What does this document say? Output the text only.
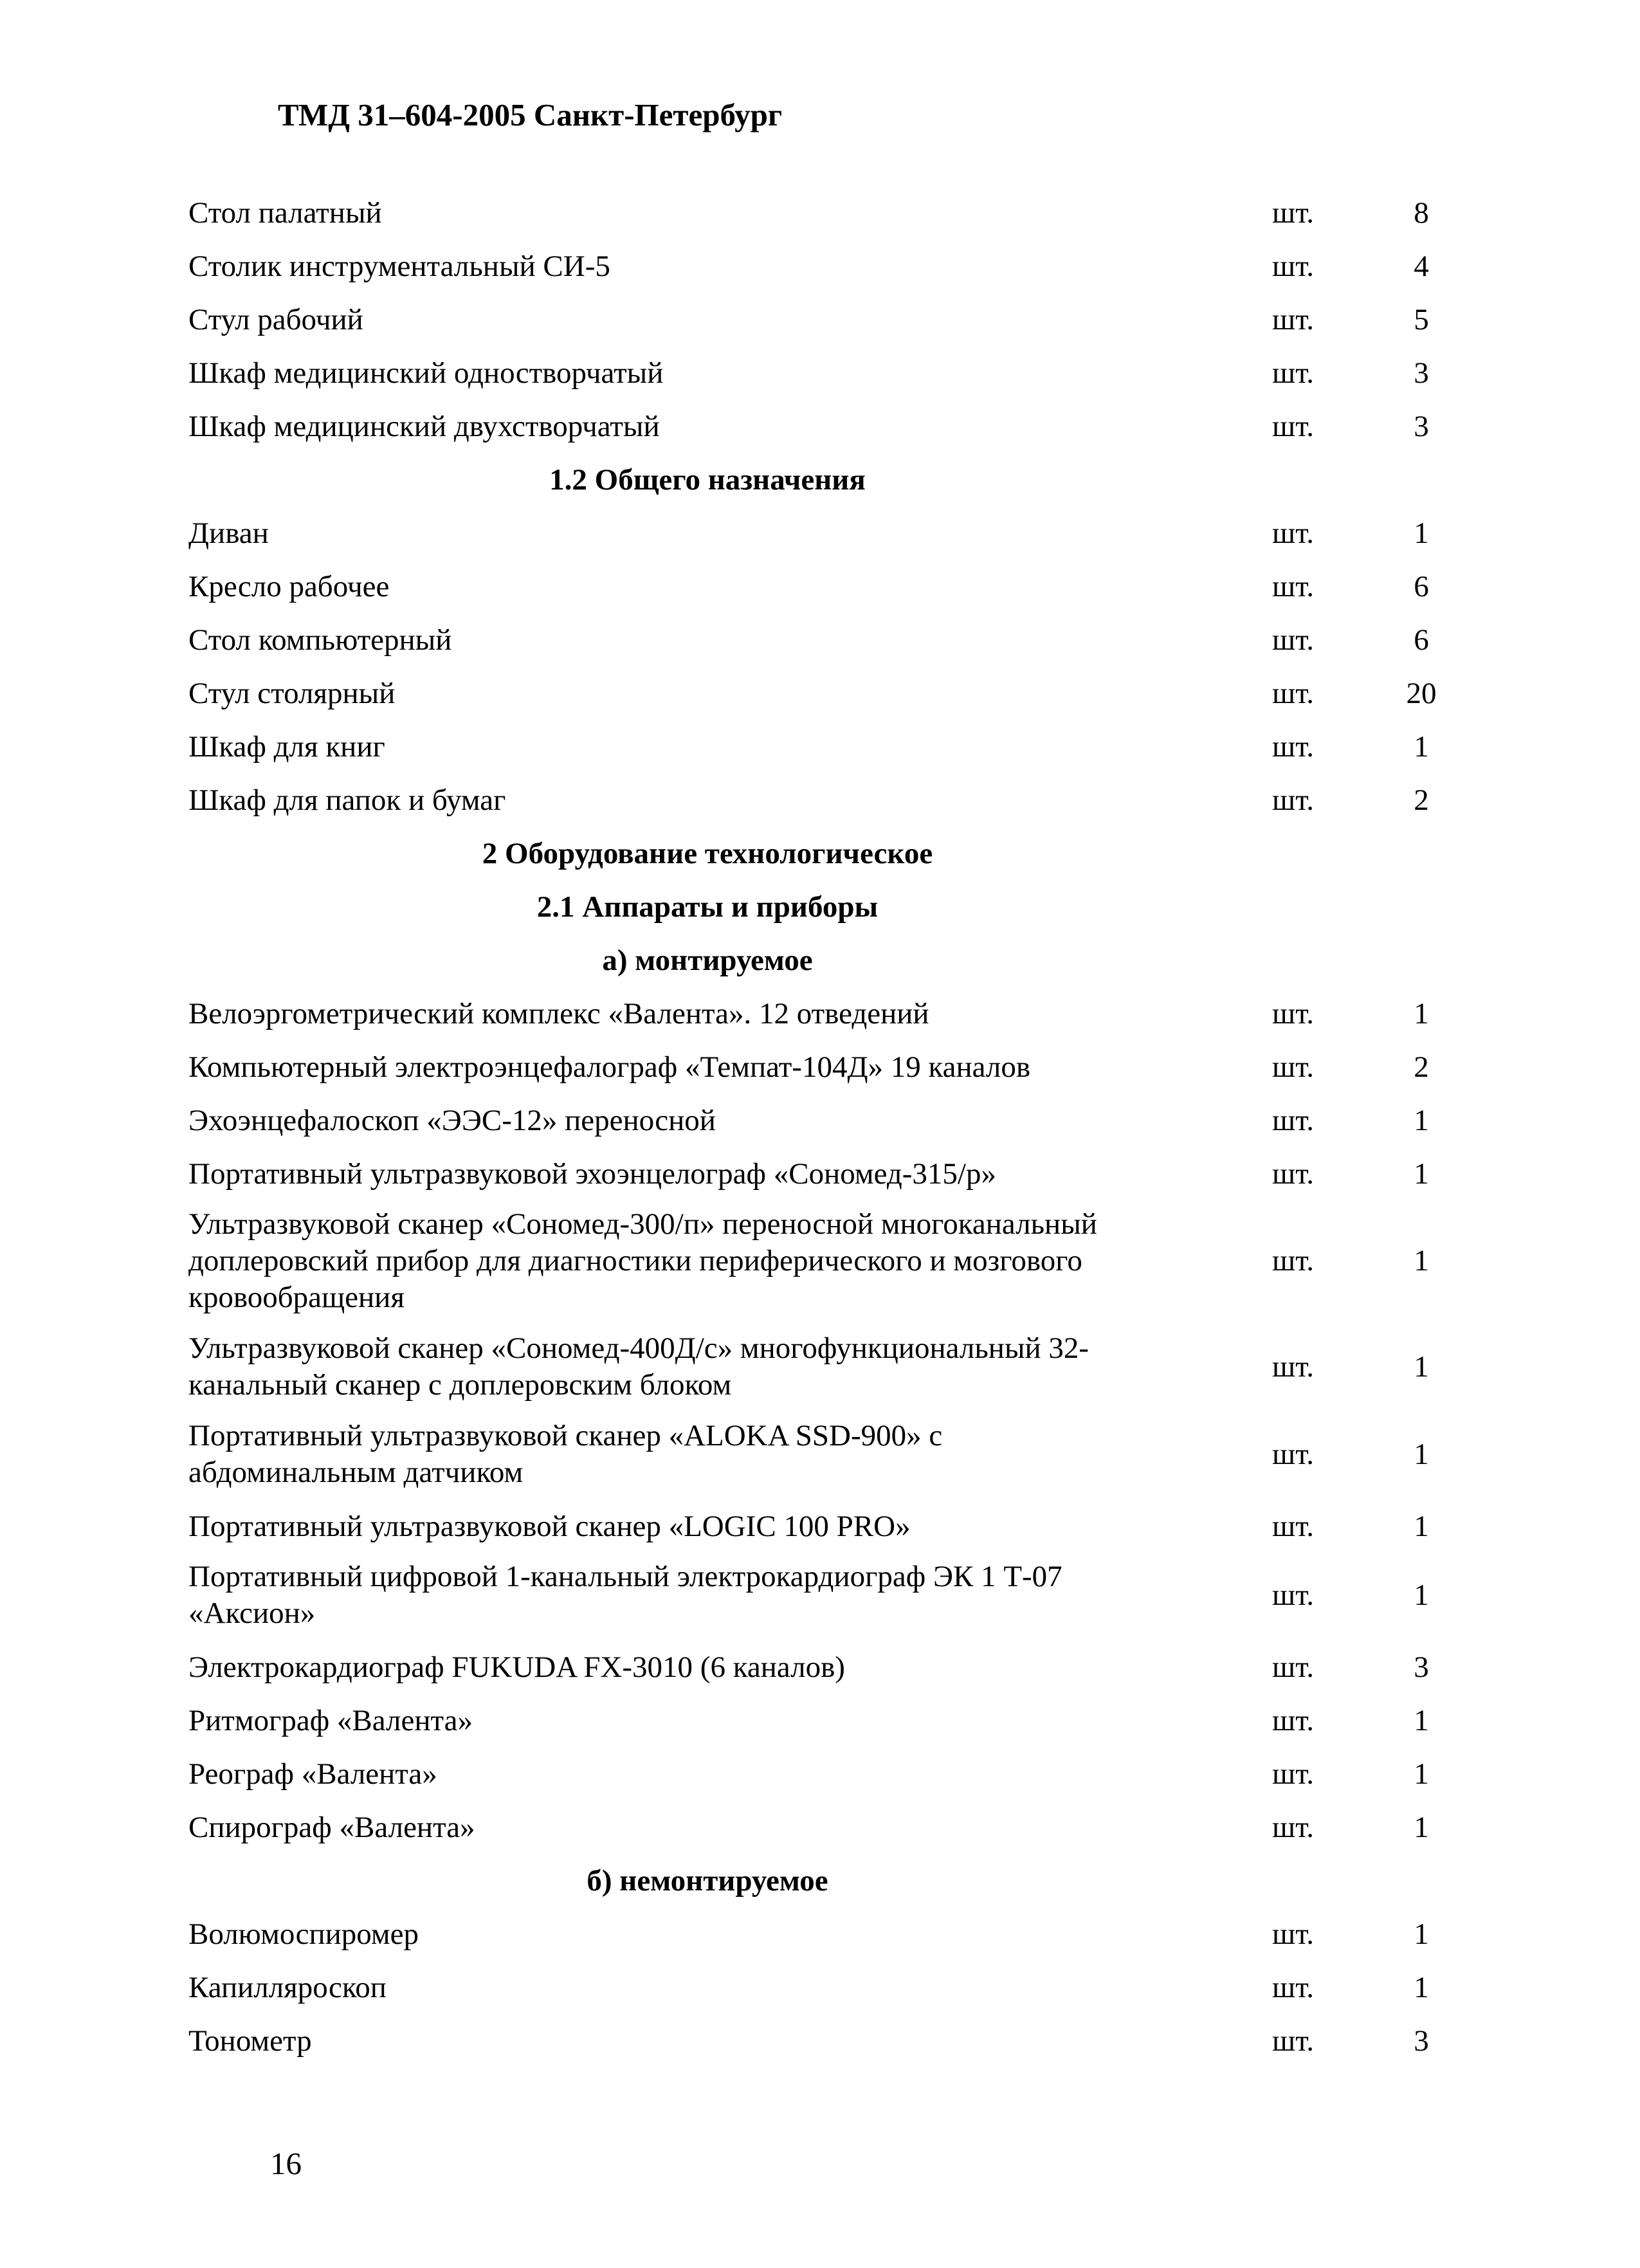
ТМД 31–604-2005 Санкт-Петербург
Стол палатный	шт.	8
Столик инструментальный СИ-5	шт.	4
Стул рабочий	шт.	5
Шкаф медицинский одностворчатый	шт.	3
Шкаф медицинский двухстворчатый	шт.	3
1.2 Общего назначения
Диван	шт.	1
Кресло рабочее	шт.	6
Стол компьютерный	шт.	6
Стул столярный	шт.	20
Шкаф для книг	шт.	1
Шкаф для папок и бумаг	шт.	2
2 Оборудование технологическое
2.1 Аппараты и приборы
а) монтируемое
Велоэргометрический комплекс «Валента». 12 отведений	шт.	1
Компьютерный электроэнцефалограф «Темпат-104Д» 19 каналов	шт.	2
Эхоэнцефалоскоп «ЭЭС-12» переносной	шт.	1
Портативный ультразвуковой эхоэнцелограф «Сономед-315/р»	шт.	1
Ультразвуковой сканер «Сономед-300/п» переносной многоканальный
доплеровский прибор для диагностики периферического и мозгового
кровообращения
шт.	1
Ультразвуковой сканер «Сономед-400Д/с» многофункциональный 32-
канальный сканер с доплеровским блоком
шт.	1
Портативный ультразвуковой сканер «ALOKA SSD-900» с
абдоминальным датчиком
шт.	1
Портативный ультразвуковой сканер «LOGIC 100 PRO»	шт.	1
Портативный цифровой 1-канальный электрокардиограф ЭК 1 Т-07
«Аксион»
шт.	1
Электрокардиограф FUKUDA FX-3010 (6 каналов)	шт.	3
Ритмограф «Валента»	шт.	1
Реограф «Валента»	шт.	1
Спирограф «Валента»	шт.	1
б) немонтируемое
Волюмоспиромер	шт.	1
Капилляроскоп	шт.	1
Тонометр	шт.	3
16
